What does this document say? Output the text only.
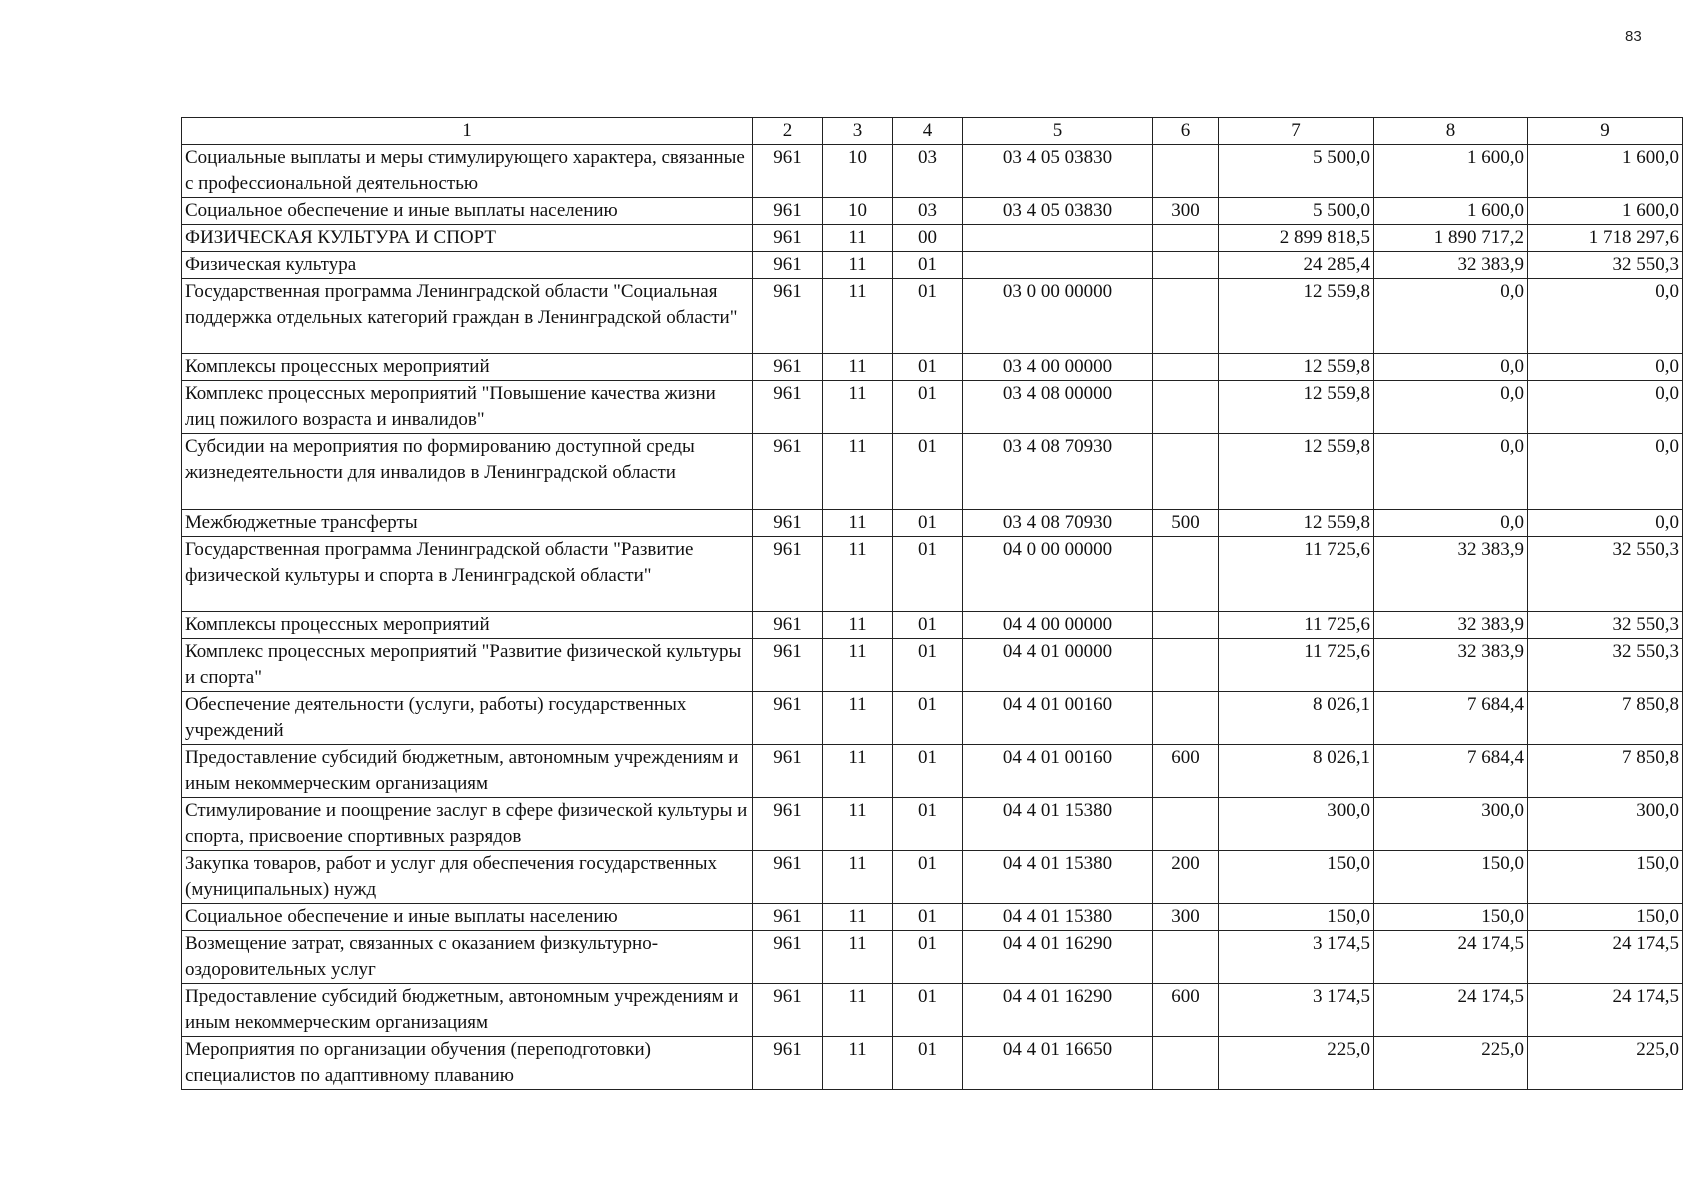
83
1	2	3	4	5	6	7	8	9
Социальные выплаты и меры стимулирующего характера, связанные с профессиональной деятельностью	961	10	03	03 4 05 03830		5 500,0	1 600,0	1 600,0
Социальное обеспечение и иные выплаты населению	961	10	03	03 4 05 03830	300	5 500,0	1 600,0	1 600,0
ФИЗИЧЕСКАЯ КУЛЬТУРА И СПОРТ	961	11	00			2 899 818,5	1 890 717,2	1 718 297,6
Физическая культура	961	11	01			24 285,4	32 383,9	32 550,3
Государственная программа Ленинградской области "Социальная поддержка отдельных категорий граждан в Ленинградской области"	961	11	01	03 0 00 00000		12 559,8	0,0	0,0
Комплексы процессных мероприятий	961	11	01	03 4 00 00000		12 559,8	0,0	0,0
Комплекс процессных мероприятий "Повышение качества жизни лиц пожилого возраста и инвалидов"	961	11	01	03 4 08 00000		12 559,8	0,0	0,0
Субсидии на мероприятия по формированию доступной среды жизнедеятельности для инвалидов в Ленинградской области	961	11	01	03 4 08 70930		12 559,8	0,0	0,0
Межбюджетные трансферты	961	11	01	03 4 08 70930	500	12 559,8	0,0	0,0
Государственная программа Ленинградской области "Развитие физической культуры и спорта в Ленинградской области"	961	11	01	04 0 00 00000		11 725,6	32 383,9	32 550,3
Комплексы процессных мероприятий	961	11	01	04 4 00 00000		11 725,6	32 383,9	32 550,3
Комплекс процессных мероприятий "Развитие физической культуры и спорта"	961	11	01	04 4 01 00000		11 725,6	32 383,9	32 550,3
Обеспечение деятельности (услуги, работы) государственных учреждений	961	11	01	04 4 01 00160		8 026,1	7 684,4	7 850,8
Предоставление субсидий бюджетным, автономным учреждениям и иным некоммерческим организациям	961	11	01	04 4 01 00160	600	8 026,1	7 684,4	7 850,8
Стимулирование и поощрение заслуг в сфере физической культуры и спорта, присвоение спортивных разрядов	961	11	01	04 4 01 15380		300,0	300,0	300,0
Закупка товаров, работ и услуг для обеспечения государственных (муниципальных) нужд	961	11	01	04 4 01 15380	200	150,0	150,0	150,0
Социальное обеспечение и иные выплаты населению	961	11	01	04 4 01 15380	300	150,0	150,0	150,0
Возмещение затрат, связанных с оказанием физкультурно-оздоровительных услуг	961	11	01	04 4 01 16290		3 174,5	24 174,5	24 174,5
Предоставление субсидий бюджетным, автономным учреждениям и иным некоммерческим организациям	961	11	01	04 4 01 16290	600	3 174,5	24 174,5	24 174,5
Мероприятия по организации обучения (переподготовки) специалистов по адаптивному плаванию	961	11	01	04 4 01 16650		225,0	225,0	225,0
